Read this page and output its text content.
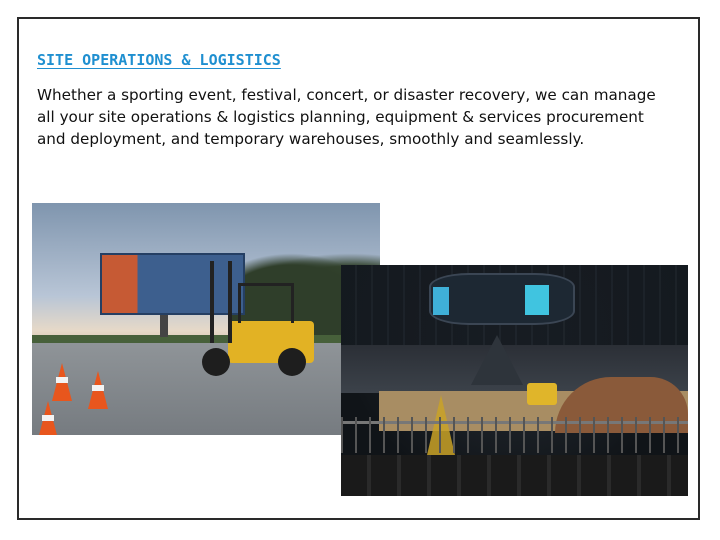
SITE OPERATIONS & LOGISTICS

Whether a sporting event, festival, concert, or disaster recovery, we can manage all your site operations & logistics planning, equipment & services procurement and deployment, and temporary warehouses, smoothly and seamlessly.
